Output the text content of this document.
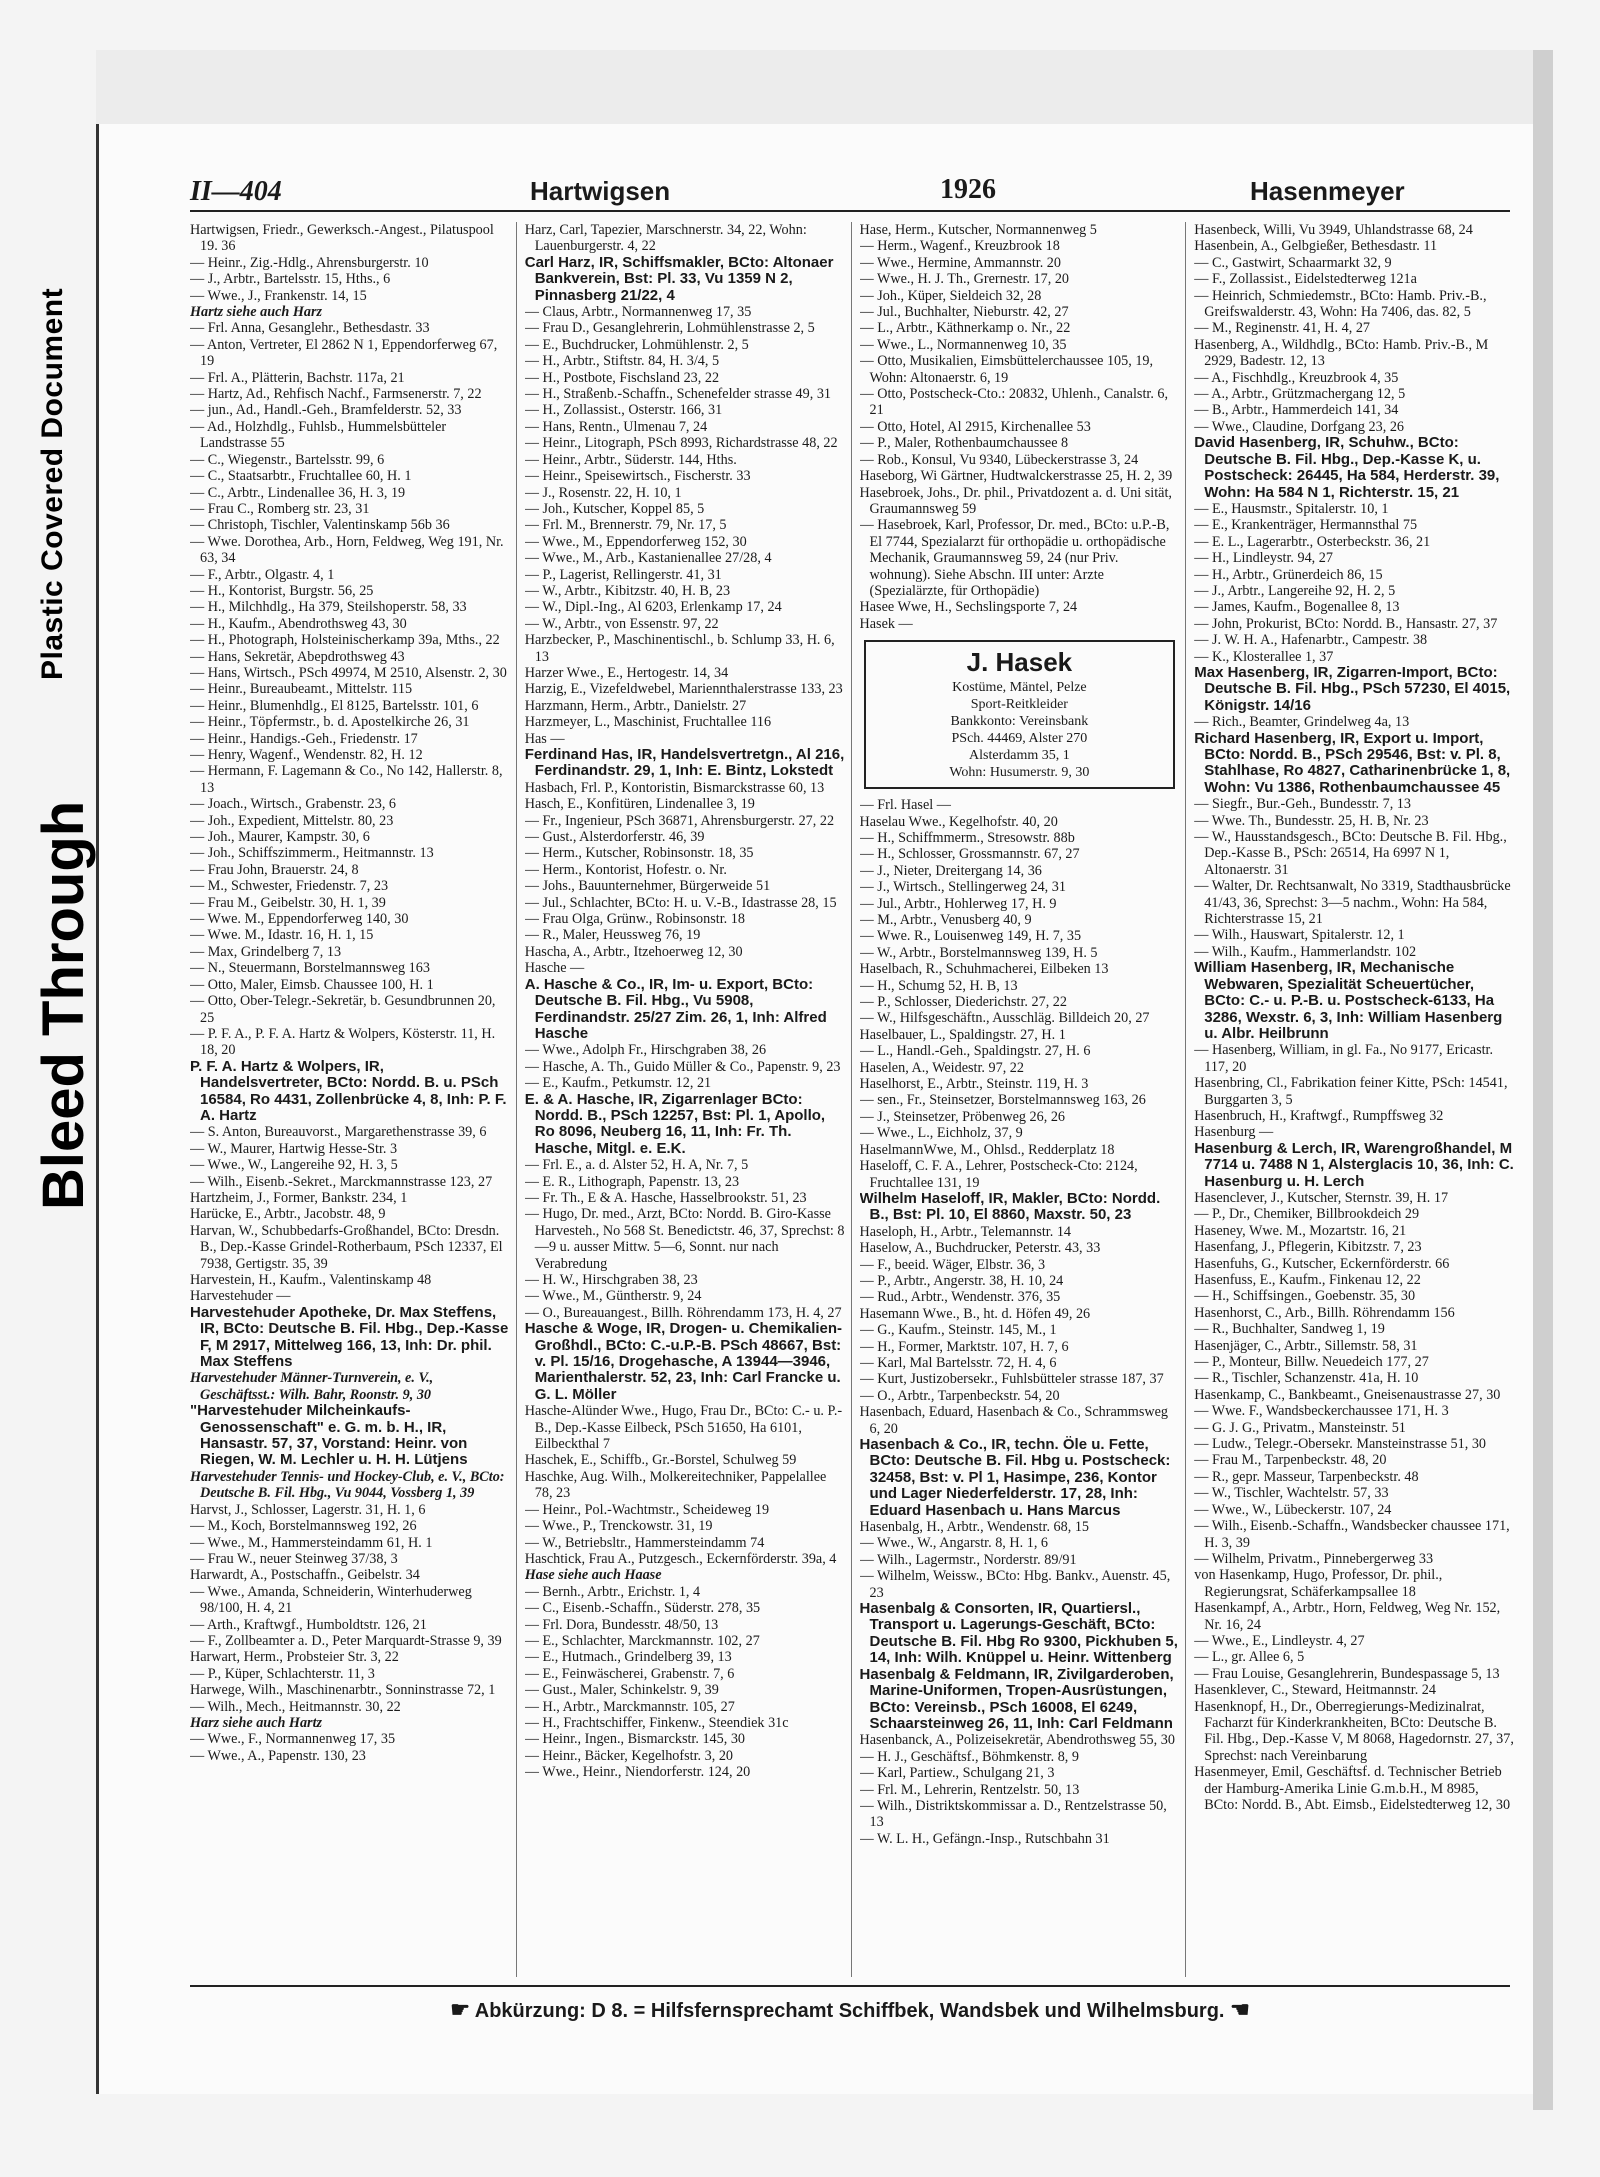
Plastic Covered Document
Bleed Through
II—404	Hartwigsen	1926	Hasenmeyer

Hartwigsen, Friedr., Gewerksch.-Angest., Pilatuspool 19. 36

— Heinr., Zig.-Hdlg., Ahrensburgerstr. 10

— J., Arbtr., Bartelsstr. 15, Hths., 6

— Wwe., J., Frankenstr. 14, 15

Hartz siehe auch Harz

— Frl. Anna, Gesanglehr., Bethesdastr. 33

— Anton, Vertreter, El 2862 N 1, Eppendorferweg 67, 19

— Frl. A., Plätterin, Bachstr. 117a, 21

— Hartz, Ad., Rehfisch Nachf., Farmsenerstr. 7, 22

— jun., Ad., Handl.-Geh., Bramfelderstr. 52, 33

— Ad., Holzhdlg., Fuhlsb., Hummelsbütteler Landstrasse 55

— C., Wiegenstr., Bartelsstr. 99, 6

— C., Staatsarbtr., Fruchtallee 60, H. 1

— C., Arbtr., Lindenallee 36, H. 3, 19

— Frau C., Romberg str. 23, 31

— Christoph, Tischler, Valentinskamp 56b 36

— Wwe. Dorothea, Arb., Horn, Feldweg, Weg 191, Nr. 63, 34

— F., Arbtr., Olgastr. 4, 1

— H., Kontorist, Burgstr. 56, 25

— H., Milchhdlg., Ha 379, Steilshoperstr. 58, 33

— H., Kaufm., Abendrothsweg 43, 30

— H., Photograph, Holsteinischerkamp 39a, Mths., 22

— Hans, Sekretär, Abepdrothsweg 43

— Hans, Wirtsch., PSch 49974, M 2510, Alsenstr. 2, 30

— Heinr., Bureaubeamt., Mittelstr. 115

— Heinr., Blumenhdlg., El 8125, Bartelsstr. 101, 6

— Heinr., Töpfermstr., b. d. Apostelkirche 26, 31

— Heinr., Handigs.-Geh., Friedenstr. 17

— Henry, Wagenf., Wendenstr. 82, H. 12

— Hermann, F. Lagemann & Co., No 142, Hallerstr. 8, 13

— Joach., Wirtsch., Grabenstr. 23, 6

— Joh., Expedient, Mittelstr. 80, 23

— Joh., Maurer, Kampstr. 30, 6

— Joh., Schiffszimmerm., Heitmannstr. 13

— Frau John, Brauerstr. 24, 8

— M., Schwester, Friedenstr. 7, 23

— Frau M., Geibelstr. 30, H. 1, 39

— Wwe. M., Eppendorferweg 140, 30

— Wwe. M., Idastr. 16, H. 1, 15

— Max, Grindelberg 7, 13

— N., Steuermann, Borstelmannsweg 163

— Otto, Maler, Eimsb. Chaussee 100, H. 1

— Otto, Ober-Telegr.-Sekretär, b. Gesundbrunnen 20, 25

— P. F. A., P. F. A. Hartz & Wolpers, Kösterstr. 11, H. 18, 20

P. F. A. Hartz & Wolpers, IR, Handelsvertreter, BCto: Nordd. B. u. PSch 16584, Ro 4431, Zollenbrücke 4, 8, Inh: P. F. A. Hartz

— S. Anton, Bureauvorst., Margarethenstrasse 39, 6

— W., Maurer, Hartwig Hesse-Str. 3

— Wwe., W., Langereihe 92, H. 3, 5

— Wilh., Eisenb.-Sekret., Marckmannstrasse 123, 27

Hartzheim, J., Former, Bankstr. 234, 1

Harücke, E., Arbtr., Jacobstr. 48, 9

Harvan, W., Schubbedarfs-Großhandel, BCto: Dresdn. B., Dep.-Kasse Grindel-Rotherbaum, PSch 12337, El 7938, Gertigstr. 35, 39

Harvestein, H., Kaufm., Valentinskamp 48

Harvestehuder —

Harvestehuder Apotheke, Dr. Max Steffens, IR, BCto: Deutsche B. Fil. Hbg., Dep.-Kasse F, M 2917, Mittelweg 166, 13, Inh: Dr. phil. Max Steffens

Harvestehuder Männer-Turnverein, e. V., Geschäftsst.: Wilh. Bahr, Roonstr. 9, 30

"Harvestehuder Milcheinkaufs-Genossenschaft" e. G. m. b. H., IR, Hansastr. 57, 37, Vorstand: Heinr. von Riegen, W. M. Lechler u. H. H. Lütjens

Harvestehuder Tennis- und Hockey-Club, e. V., BCto: Deutsche B. Fil. Hbg., Vu 9044, Vossberg 1, 39

Harvst, J., Schlosser, Lagerstr. 31, H. 1, 6

— M., Koch, Borstelmannsweg 192, 26

— Wwe., M., Hammersteindamm 61, H. 1

— Frau W., neuer Steinweg 37/38, 3

Harwardt, A., Postschaffn., Geibelstr. 34

— Wwe., Amanda, Schneiderin, Winterhuderweg 98/100, H. 4, 21

— Arth., Kraftwgf., Humboldtstr. 126, 21

— F., Zollbeamter a. D., Peter Marquardt-Strasse 9, 39

Harwart, Herm., Probsteier Str. 3, 22

— P., Küper, Schlachterstr. 11, 3

Harwege, Wilh., Maschinenarbtr., Sonninstrasse 72, 1

— Wilh., Mech., Heitmannstr. 30, 22

Harz siehe auch Hartz

— Wwe., F., Normannenweg 17, 35

— Wwe., A., Papenstr. 130, 23

Harz, Carl, Tapezier, Marschnerstr. 34, 22, Wohn: Lauenburgerstr. 4, 22

Carl Harz, IR, Schiffsmakler, BCto: Altonaer Bankverein, Bst: Pl. 33, Vu 1359 N 2, Pinnasberg 21/22, 4

— Claus, Arbtr., Normannenweg 17, 35

— Frau D., Gesanglehrerin, Lohmühlenstrasse 2, 5

— E., Buchdrucker, Lohmühlenstr. 2, 5

— H., Arbtr., Stiftstr. 84, H. 3/4, 5

— H., Postbote, Fischsland 23, 22

— H., Straßenb.-Schaffn., Schenefelder strasse 49, 31

— H., Zollassist., Osterstr. 166, 31

— Hans, Rentn., Ulmenau 7, 24

— Heinr., Litograph, PSch 8993, Richardstrasse 48, 22

— Heinr., Arbtr., Süderstr. 144, Hths.

— Heinr., Speisewirtsch., Fischerstr. 33

— J., Rosenstr. 22, H. 10, 1

— Joh., Kutscher, Koppel 85, 5

— Frl. M., Brennerstr. 79, Nr. 17, 5

— Wwe., M., Eppendorferweg 152, 30

— Wwe., M., Arb., Kastanienallee 27/28, 4

— P., Lagerist, Rellingerstr. 41, 31

— W., Arbtr., Kibitzstr. 40, H. B, 23

— W., Dipl.-Ing., Al 6203, Erlenkamp 17, 24

— W., Arbtr., von Essenstr. 97, 22

Harzbecker, P., Maschinentischl., b. Schlump 33, H. 6, 13

Harzer Wwe., E., Hertogestr. 14, 34

Harzig, E., Vizefeldwebel, Mariennthalerstrasse 133, 23

Harzmann, Herm., Arbtr., Danielstr. 27

Harzmeyer, L., Maschinist, Fruchtallee 116

Has —

Ferdinand Has, IR, Handelsvertretgn., Al 216, Ferdinandstr. 29, 1, Inh: E. Bintz, Lokstedt

Hasbach, Frl. P., Kontoristin, Bismarckstrasse 60, 13

Hasch, E., Konfitüren, Lindenallee 3, 19

— Fr., Ingenieur, PSch 36871, Ahrensburgerstr. 27, 22

— Gust., Alsterdorferstr. 46, 39

— Herm., Kutscher, Robinsonstr. 18, 35

— Herm., Kontorist, Hofestr. o. Nr.

— Johs., Bauunternehmer, Bürgerweide 51

— Jul., Schlachter, BCto: H. u. V.-B., Idastrasse 28, 15

— Frau Olga, Grünw., Robinsonstr. 18

— R., Maler, Heussweg 76, 19

Hascha, A., Arbtr., Itzehoerweg 12, 30

Hasche —

A. Hasche & Co., IR, Im- u. Export, BCto: Deutsche B. Fil. Hbg., Vu 5908, Ferdinandstr. 25/27 Zim. 26, 1, Inh: Alfred Hasche

— Wwe., Adolph Fr., Hirschgraben 38, 26

— Hasche, A. Th., Guido Müller & Co., Papenstr. 9, 23

— E., Kaufm., Petkumstr. 12, 21

E. & A. Hasche, IR, Zigarrenlager BCto: Nordd. B., PSch 12257, Bst: Pl. 1, Apollo, Ro 8096, Neuberg 16, 11, Inh: Fr. Th. Hasche, Mitgl. e. E.K.

— Frl. E., a. d. Alster 52, H. A, Nr. 7, 5

— E. R., Lithograph, Papenstr. 13, 23

— Fr. Th., E & A. Hasche, Hasselbrookstr. 51, 23

— Hugo, Dr. med., Arzt, BCto: Nordd. B. Giro-Kasse Harvesteh., No 568 St. Benedictstr. 46, 37, Sprechst: 8—9 u. ausser Mittw. 5—6, Sonnt. nur nach Verabredung

— H. W., Hirschgraben 38, 23

— Wwe., M., Güntherstr. 9, 24

— O., Bureauangest., Billh. Röhrendamm 173, H. 4, 27

Hasche & Woge, IR, Drogen- u. Chemikalien-Großhdl., BCto: C.-u.P.-B. PSch 48667, Bst: v. Pl. 15/16, Drogehasche, A 13944—3946, Marienthalerstr. 52, 23, Inh: Carl Francke u. G. L. Möller

Hasche-Alünder Wwe., Hugo, Frau Dr., BCto: C.- u. P.-B., Dep.-Kasse Eilbeck, PSch 51650, Ha 6101, Eilbeckthal 7

Haschek, E., Schiffb., Gr.-Borstel, Schulweg 59

Haschke, Aug. Wilh., Molkereitechniker, Pappelallee 78, 23

— Heinr., Pol.-Wachtmstr., Scheideweg 19

— Wwe., P., Trenckowstr. 31, 19

— W., Betriebsltr., Hammersteindamm 74

Haschtick, Frau A., Putzgesch., Eckernförderstr. 39a, 4

Hase siehe auch Haase

— Bernh., Arbtr., Erichstr. 1, 4

— C., Eisenb.-Schaffn., Süderstr. 278, 35

— Frl. Dora, Bundesstr. 48/50, 13

— E., Schlachter, Marckmannstr. 102, 27

— E., Hutmach., Grindelberg 39, 13

— E., Feinwäscherei, Grabenstr. 7, 6

— Gust., Maler, Schinkelstr. 9, 39

— H., Arbtr., Marckmannstr. 105, 27

— H., Frachtschiffer, Finkenw., Steendiek 31c

— Heinr., Ingen., Bismarckstr. 145, 30

— Heinr., Bäcker, Kegelhofstr. 3, 20

— Wwe., Heinr., Niendorferstr. 124, 20

Hase, Herm., Kutscher, Normannenweg 5

— Herm., Wagenf., Kreuzbrook 18

— Wwe., Hermine, Ammannstr. 20

— Wwe., H. J. Th., Grernestr. 17, 20

— Joh., Küper, Sieldeich 32, 28

— Jul., Buchhalter, Nieburstr. 42, 27

— L., Arbtr., Käthnerkamp o. Nr., 22

— Wwe., L., Normannenweg 10, 35

— Otto, Musikalien, Eimsbüttelerchaussee 105, 19, Wohn: Altonaerstr. 6, 19

— Otto, Postscheck-Cto.: 20832, Uhlenh., Canalstr. 6, 21

— Otto, Hotel, Al 2915, Kirchenallee 53

— P., Maler, Rothenbaumchaussee 8

— Rob., Konsul, Vu 9340, Lübeckerstrasse 3, 24

Haseborg, Wi Gärtner, Hudtwalckerstrasse 25, H. 2, 39

Hasebroek, Johs., Dr. phil., Privatdozent a. d. Uni sität, Graumannsweg 59

— Hasebroek, Karl, Professor, Dr. med., BCto: u.P.-B, El 7744, Spezialarzt für orthopädie u. orthopädische Mechanik, Graumannsweg 59, 24 (nur Priv. wohnung). Siehe Abschn. III unter: Arzte (Spezialärzte, für Orthopädie)

Hasee Wwe, H., Sechslingsporte 7, 24

Hasek —

J. Hasek
Kostüme, Mäntel, Pelze
Sport-Reitkleider
Bankkonto: Vereinsbank
PSch. 44469, Alster 270
Alsterdamm 35, 1
Wohn: Husumerstr. 9, 30

— Frl. Hasel —

Haselau Wwe., Kegelhofstr. 40, 20

— H., Schiffmmerm., Stresowstr. 88b

— H., Schlosser, Grossmannstr. 67, 27

— J., Nieter, Dreitergang 14, 36

— J., Wirtsch., Stellingerweg 24, 31

— Jul., Arbtr., Hohlerweg 17, H. 9

— M., Arbtr., Venusberg 40, 9

— Wwe. R., Louisenweg 149, H. 7, 35

— W., Arbtr., Borstelmannsweg 139, H. 5

Haselbach, R., Schuhmacherei, Eilbeken 13

— H., Schumg 52, H. B, 13

— P., Schlosser, Diederichstr. 27, 22

— W., Hilfsgeschäftn., Ausschläg. Billdeich 20, 27

Haselbauer, L., Spaldingstr. 27, H. 1

— L., Handl.-Geh., Spaldingstr. 27, H. 6

Haselen, A., Weidestr. 97, 22

Haselhorst, E., Arbtr., Steinstr. 119, H. 3

— sen., Fr., Steinsetzer, Borstelmannsweg 163, 26

— J., Steinsetzer, Pröbenweg 26, 26

— Wwe., L., Eichholz, 37, 9

HaselmannWwe, M., Ohlsd., Redderplatz 18

Haseloff, C. F. A., Lehrer, Postscheck-Cto: 2124, Fruchtallee 131, 19

Wilhelm Haseloff, IR, Makler, BCto: Nordd. B., Bst: Pl. 10, El 8860, Maxstr. 50, 23

Haseloph, H., Arbtr., Telemannstr. 14

Haselow, A., Buchdrucker, Peterstr. 43, 33

— F., beeid. Wäger, Elbstr. 36, 3

— P., Arbtr., Angerstr. 38, H. 10, 24

— Rud., Arbtr., Wendenstr. 376, 35

Hasemann Wwe., B., ht. d. Höfen 49, 26

— G., Kaufm., Steinstr. 145, M., 1

— H., Former, Marktstr. 107, H. 7, 6

— Karl, Mal Bartelsstr. 72, H. 4, 6

— Kurt, Justizobersekr., Fuhlsbütteler strasse 187, 37

— O., Arbtr., Tarpenbeckstr. 54, 20

Hasenbach, Eduard, Hasenbach & Co., Schrammsweg 6, 20

Hasenbach & Co., IR, techn. Öle u. Fette, BCto: Deutsche B. Fil. Hbg u. Postscheck: 32458, Bst: v. Pl 1, Hasimpe, 236, Kontor und Lager Niederfelderstr. 17, 28, Inh: Eduard Hasenbach u. Hans Marcus

Hasenbalg, H., Arbtr., Wendenstr. 68, 15

— Wwe., W., Angarstr. 8, H. 1, 6

— Wilh., Lagermstr., Norderstr. 89/91

— Wilhelm, Weissw., BCto: Hbg. Bankv., Auenstr. 45, 23

Hasenbalg & Consorten, IR, Quartiersl., Transport u. Lagerungs-Geschäft, BCto: Deutsche B. Fil. Hbg Ro 9300, Pickhuben 5, 14, Inh: Wilh. Knüppel u. Heinr. Wittenberg

Hasenbalg & Feldmann, IR, Zivilgarderoben, Marine-Uniformen, Tropen-Ausrüstungen, BCto: Vereinsb., PSch 16008, El 6249, Schaarsteinweg 26, 11, Inh: Carl Feldmann

Hasenbanck, A., Polizeisekretär, Abendrothsweg 55, 30

— H. J., Geschäftsf., Böhmkenstr. 8, 9

— Karl, Partiew., Schulgang 21, 3

— Frl. M., Lehrerin, Rentzelstr. 50, 13

— Wilh., Distriktskommissar a. D., Rentzelstrasse 50, 13

— W. L. H., Gefängn.-Insp., Rutschbahn 31

Hasenbeck, Willi, Vu 3949, Uhlandstrasse 68, 24

Hasenbein, A., Gelbgießer, Bethesdastr. 11

— C., Gastwirt, Schaarmarkt 32, 9

— F., Zollassist., Eidelstedterweg 121a

— Heinrich, Schmiedemstr., BCto: Hamb. Priv.-B., Greifswalderstr. 43, Wohn: Ha 7406, das. 82, 5

— M., Reginenstr. 41, H. 4, 27

Hasenberg, A., Wildhdlg., BCto: Hamb. Priv.-B., M 2929, Badestr. 12, 13

— A., Fischhdlg., Kreuzbrook 4, 35

— A., Arbtr., Grützmachergang 12, 5

— B., Arbtr., Hammerdeich 141, 34

— Wwe., Claudine, Dorfgang 23, 26

David Hasenberg, IR, Schuhw., BCto: Deutsche B. Fil. Hbg., Dep.-Kasse K, u. Postscheck: 26445, Ha 584, Herderstr. 39, Wohn: Ha 584 N 1, Richterstr. 15, 21

— E., Hausmstr., Spitalerstr. 10, 1

— E., Krankenträger, Hermannsthal 75

— E. L., Lagerarbtr., Osterbeckstr. 36, 21

— H., Lindleystr. 94, 27

— H., Arbtr., Grünerdeich 86, 15

— J., Arbtr., Langereihe 92, H. 2, 5

— James, Kaufm., Bogenallee 8, 13

— John, Prokurist, BCto: Nordd. B., Hansastr. 27, 37

— J. W. H. A., Hafenarbtr., Campestr. 38

— K., Klosterallee 1, 37

Max Hasenberg, IR, Zigarren-Import, BCto: Deutsche B. Fil. Hbg., PSch 57230, El 4015, Königstr. 14/16

— Rich., Beamter, Grindelweg 4a, 13

Richard Hasenberg, IR, Export u. Import, BCto: Nordd. B., PSch 29546, Bst: v. Pl. 8, Stahlhase, Ro 4827, Catharinenbrücke 1, 8, Wohn: Vu 1386, Rothenbaumchaussee 45

— Siegfr., Bur.-Geh., Bundesstr. 7, 13

— Wwe. Th., Bundesstr. 25, H. B, Nr. 23

— W., Hausstandsgesch., BCto: Deutsche B. Fil. Hbg., Dep.-Kasse B., PSch: 26514, Ha 6997 N 1, Altonaerstr. 31

— Walter, Dr. Rechtsanwalt, No 3319, Stadthausbrücke 41/43, 36, Sprechst: 3—5 nachm., Wohn: Ha 584, Richterstrasse 15, 21

— Wilh., Hauswart, Spitalerstr. 12, 1

— Wilh., Kaufm., Hammerlandstr. 102

William Hasenberg, IR, Mechanische Webwaren, Spezialität Scheuertücher, BCto: C.- u. P.-B. u. Postscheck-6133, Ha 3286, Wexstr. 6, 3, Inh: William Hasenberg u. Albr. Heilbrunn

— Hasenberg, William, in gl. Fa., No 9177, Ericastr. 117, 20

Hasenbring, Cl., Fabrikation feiner Kitte, PSch: 14541, Burggarten 3, 5

Hasenbruch, H., Kraftwgf., Rumpffsweg 32

Hasenburg —

Hasenburg & Lerch, IR, Warengroßhandel, M 7714 u. 7488 N 1, Alsterglacis 10, 36, Inh: C. Hasenburg u. H. Lerch

Hasenclever, J., Kutscher, Sternstr. 39, H. 17

— P., Dr., Chemiker, Billbrookdeich 29

Haseney, Wwe. M., Mozartstr. 16, 21

Hasenfang, J., Pflegerin, Kibitzstr. 7, 23

Hasenfuhs, G., Kutscher, Eckernförderstr. 66

Hasenfuss, E., Kaufm., Finkenau 12, 22

— H., Schiffsingen., Goebenstr. 35, 30

Hasenhorst, C., Arb., Billh. Röhrendamm 156

— R., Buchhalter, Sandweg 1, 19

Hasenjäger, C., Arbtr., Sillemstr. 58, 31

— P., Monteur, Billw. Neuedeich 177, 27

— R., Tischler, Schanzenstr. 41a, H. 10

Hasenkamp, C., Bankbeamt., Gneisenaustrasse 27, 30

— Wwe. F., Wandsbeckerchaussee 171, H. 3

— G. J. G., Privatm., Mansteinstr. 51

— Ludw., Telegr.-Obersekr. Mansteinstrasse 51, 30

— Frau M., Tarpenbeckstr. 48, 20

— R., gepr. Masseur, Tarpenbeckstr. 48

— W., Tischler, Wachtelstr. 57, 33

— Wwe., W., Lübeckerstr. 107, 24

— Wilh., Eisenb.-Schaffn., Wandsbecker chaussee 171, H. 3, 39

— Wilhelm, Privatm., Pinnebergerweg 33

von Hasenkamp, Hugo, Professor, Dr. phil., Regierungsrat, Schäferkampsallee 18

Hasenkampf, A., Arbtr., Horn, Feldweg, Weg Nr. 152, Nr. 16, 24

— Wwe., E., Lindleystr. 4, 27

— L., gr. Allee 6, 5

— Frau Louise, Gesanglehrerin, Bundespassage 5, 13

Hasenklever, C., Steward, Heitmannstr. 24

Hasenknopf, H., Dr., Oberregierungs-Medizinalrat, Facharzt für Kinderkrankheiten, BCto: Deutsche B. Fil. Hbg., Dep.-Kasse V, M 8068, Hagedornstr. 27, 37, Sprechst: nach Vereinbarung

Hasenmeyer, Emil, Geschäftsf. d. Technischer Betrieb der Hamburg-Amerika Linie G.m.b.H., M 8985, BCto: Nordd. B., Abt. Eimsb., Eidelstedterweg 12, 30

☛ Abkürzung: D 8. = Hilfsfernsprechamt Schiffbek, Wandsbek und Wilhelmsburg. ☚
